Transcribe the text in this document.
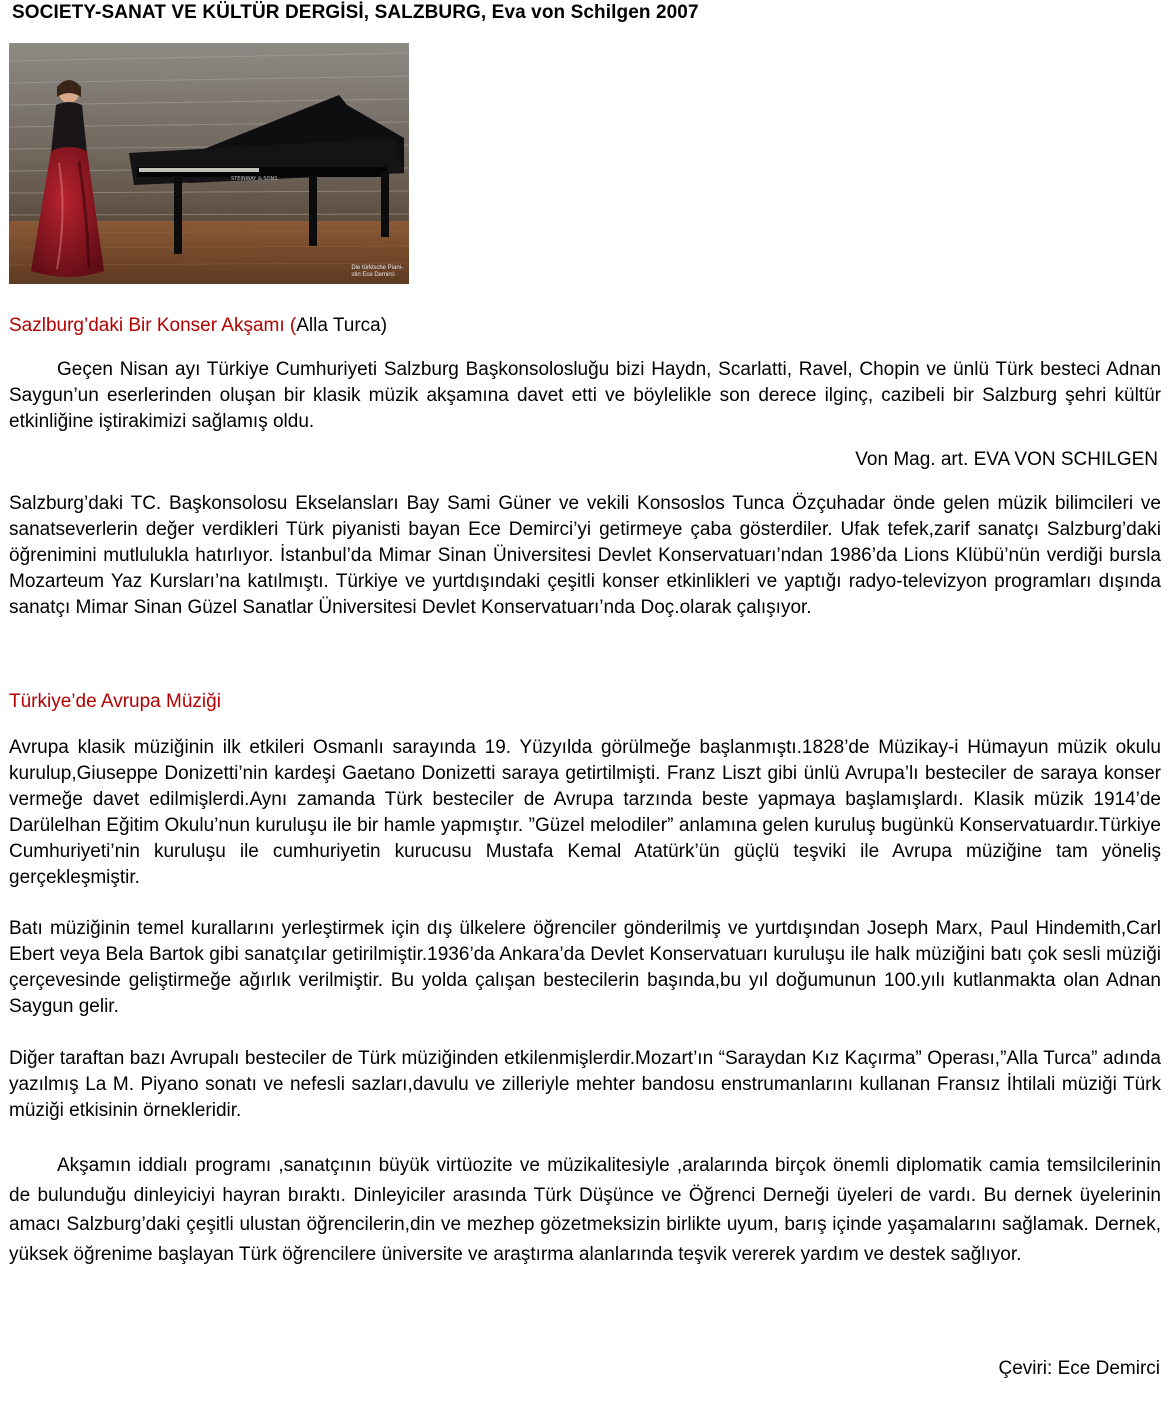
SOCIETY-SANAT VE KÜLTÜR DERGİSİ, SALZBURG, Eva von Schilgen 2007
STEINWAY & SONS
Die türkische Piani-
stin Ece Demirci
Sazlburg’daki Bir Konser Akşamı (Alla Turca)

Geçen Nisan ayı Türkiye Cumhuriyeti Salzburg Başkonsolosluğu bizi Haydn, Scarlatti, Ravel, Chopin ve ünlü Türk besteci Adnan Saygun’un eserlerinden oluşan bir klasik müzik akşamına davet etti ve böylelikle son derece ilginç, cazibeli bir Salzburg şehri kültür etkinliğine iştirakimizi sağlamış oldu.

Von Mag. art. EVA VON SCHILGEN

Salzburg’daki TC. Başkonsolosu Ekselansları Bay Sami Güner ve vekili Konsoslos Tunca Özçuhadar önde gelen müzik bilimcileri ve sanatseverlerin değer verdikleri Türk piyanisti bayan Ece Demirci’yi getirmeye çaba gösterdiler. Ufak tefek,zarif sanatçı Salzburg’daki öğrenimini mutlulukla hatırlıyor. İstanbul’da Mimar Sinan Üniversitesi Devlet Konservatuarı’ndan 1986’da Lions Klübü’nün verdiği bursla Mozarteum Yaz Kursları’na katılmıştı. Türkiye ve yurtdışındaki çeşitli konser etkinlikleri ve yaptığı radyo-televizyon programları dışında sanatçı Mimar Sinan Güzel Sanatlar Üniversitesi Devlet Konservatuarı’nda Doç.olarak çalışıyor.

Türkiye’de Avrupa Müziği

Avrupa klasik müziğinin ilk etkileri Osmanlı sarayında 19. Yüzyılda görülmeğe başlanmıştı.1828’de Müzikay-i Hümayun müzik okulu kurulup,Giuseppe Donizetti’nin kardeşi Gaetano Donizetti saraya getirtilmişti. Franz Liszt gibi ünlü Avrupa’lı besteciler de saraya konser vermeğe davet edilmişlerdi.Aynı zamanda Türk besteciler de Avrupa tarzında beste yapmaya başlamışlardı. Klasik müzik 1914’de Darülelhan Eğitim Okulu’nun kuruluşu ile bir hamle yapmıştır. ”Güzel melodiler” anlamına gelen kuruluş bugünkü Konservatuardır.Türkiye Cumhuriyeti’nin kuruluşu ile cumhuriyetin kurucusu Mustafa Kemal Atatürk’ün güçlü teşviki ile Avrupa müziğine tam yöneliş gerçekleşmiştir.

Batı müziğinin temel kurallarını yerleştirmek için dış ülkelere öğrenciler gönderilmiş ve yurtdışından Joseph Marx, Paul Hindemith,Carl Ebert veya Bela Bartok gibi sanatçılar getirilmiştir.1936’da Ankara’da Devlet Konservatuarı kuruluşu ile halk müziğini batı çok sesli müziği çerçevesinde geliştirmeğe ağırlık verilmiştir. Bu yolda çalışan bestecilerin başında,bu yıl doğumunun 100.yılı kutlanmakta olan Adnan Saygun gelir.

Diğer taraftan bazı Avrupalı besteciler de Türk müziğinden etkilenmişlerdir.Mozart’ın “Saraydan Kız Kaçırma” Operası,”Alla Turca” adında yazılmış La M. Piyano sonatı ve nefesli sazları,davulu ve zilleriyle mehter bandosu enstrumanlarını kullanan Fransız İhtilali müziği Türk müziği etkisinin örnekleridir.

Akşamın iddialı programı ,sanatçının büyük virtüozite ve müzikalitesiyle ,aralarında birçok önemli diplomatik camia temsilcilerinin de bulunduğu dinleyiciyi hayran bıraktı. Dinleyiciler arasında Türk Düşünce ve Öğrenci Derneği üyeleri de vardı. Bu dernek üyelerinin amacı Salzburg’daki çeşitli ulustan öğrencilerin,din ve mezhep gözetmeksizin birlikte uyum, barış içinde yaşamalarını sağlamak. Dernek, yüksek öğrenime başlayan Türk öğrencilere üniversite ve araştırma alanlarında teşvik vererek yardım ve destek sağlıyor.

Çeviri: Ece Demirci
